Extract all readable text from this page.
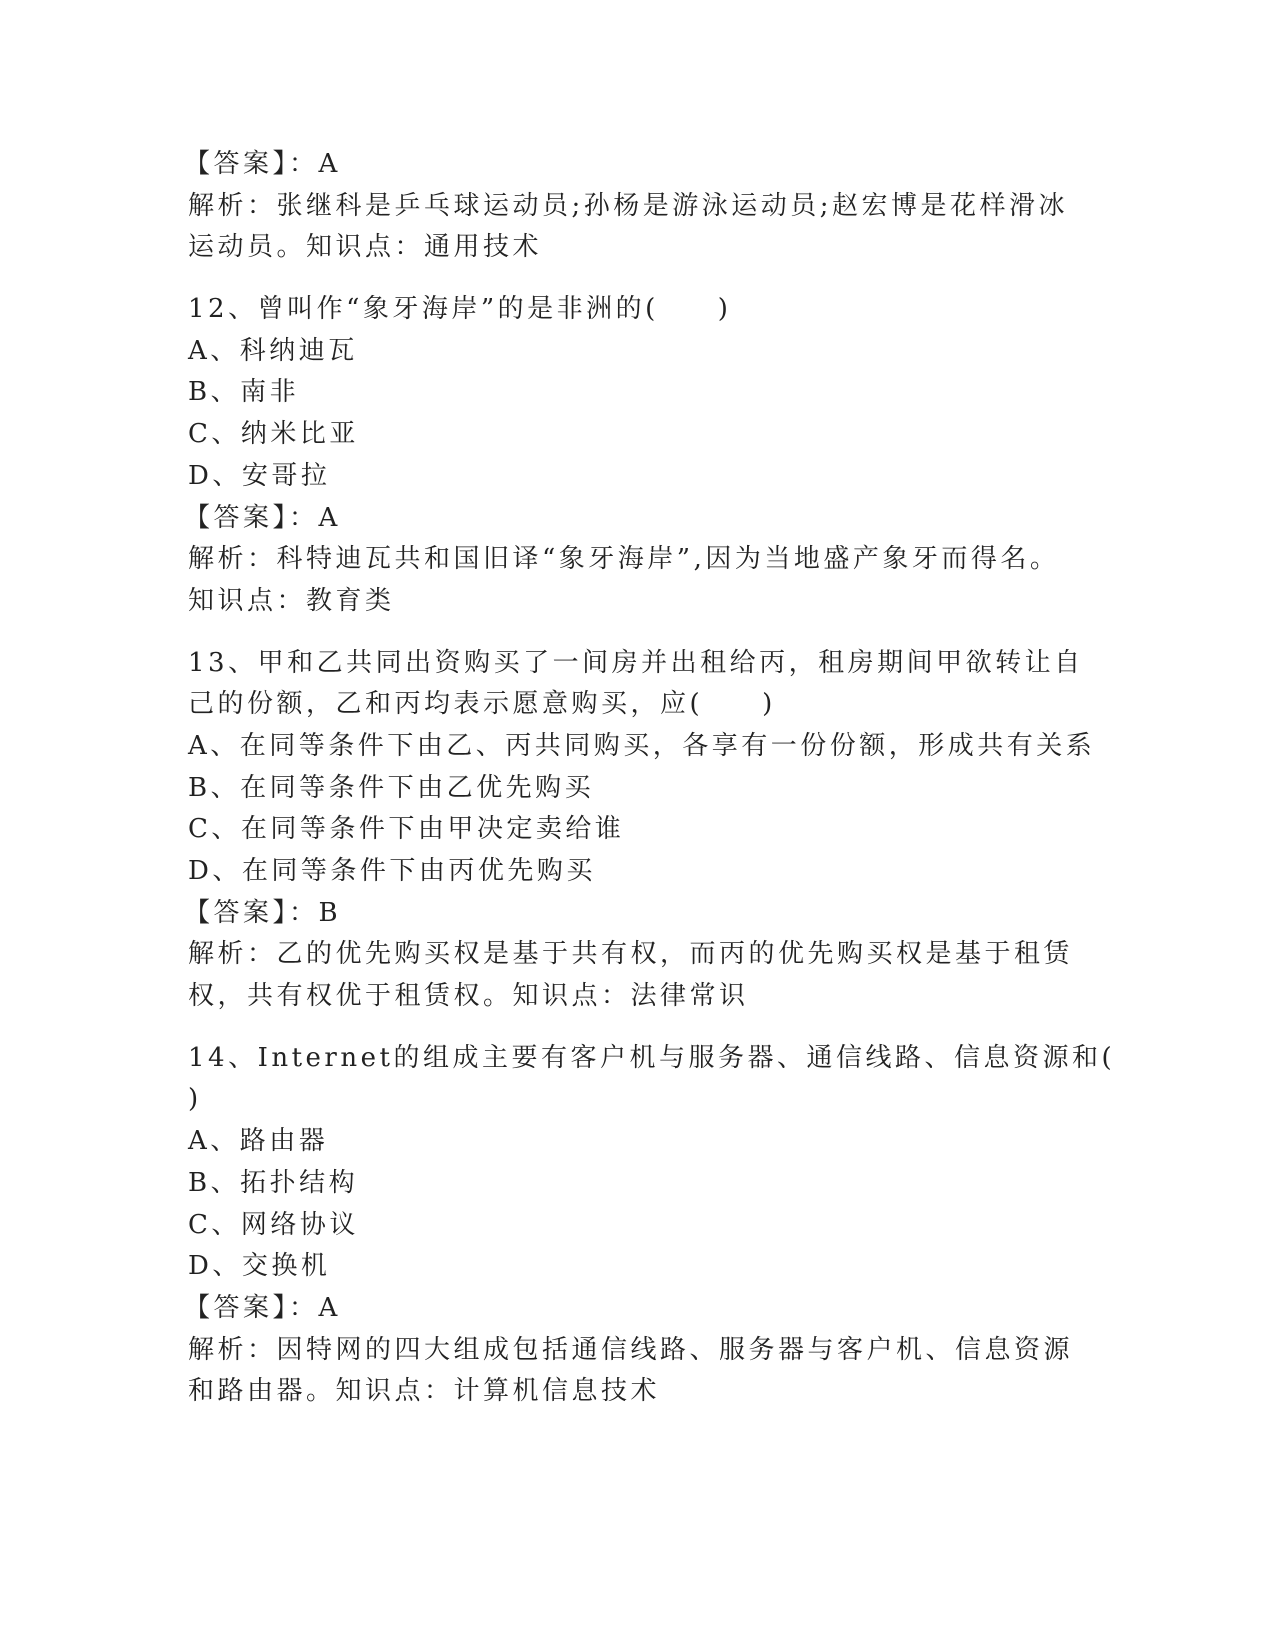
【答案】：A
解析：张继科是乒乓球运动员;孙杨是游泳运动员;赵宏博是花样滑冰
运动员。知识点：通用技术
12、曾叫作“象牙海岸”的是非洲的(　　)
A、科纳迪瓦
B、南非
C、纳米比亚
D、安哥拉
【答案】：A
解析：科特迪瓦共和国旧译“象牙海岸”,因为当地盛产象牙而得名。
知识点：教育类
13、甲和乙共同出资购买了一间房并出租给丙，租房期间甲欲转让自
己的份额，乙和丙均表示愿意购买，应(　　)
A、在同等条件下由乙、丙共同购买，各享有一份份额，形成共有关系
B、在同等条件下由乙优先购买
C、在同等条件下由甲决定卖给谁
D、在同等条件下由丙优先购买
【答案】：B
解析：乙的优先购买权是基于共有权，而丙的优先购买权是基于租赁
权，共有权优于租赁权。知识点：法律常识
14、Internet的组成主要有客户机与服务器、通信线路、信息资源和(
)
A、路由器
B、拓扑结构
C、网络协议
D、交换机
【答案】：A
解析：因特网的四大组成包括通信线路、服务器与客户机、信息资源
和路由器。知识点：计算机信息技术
